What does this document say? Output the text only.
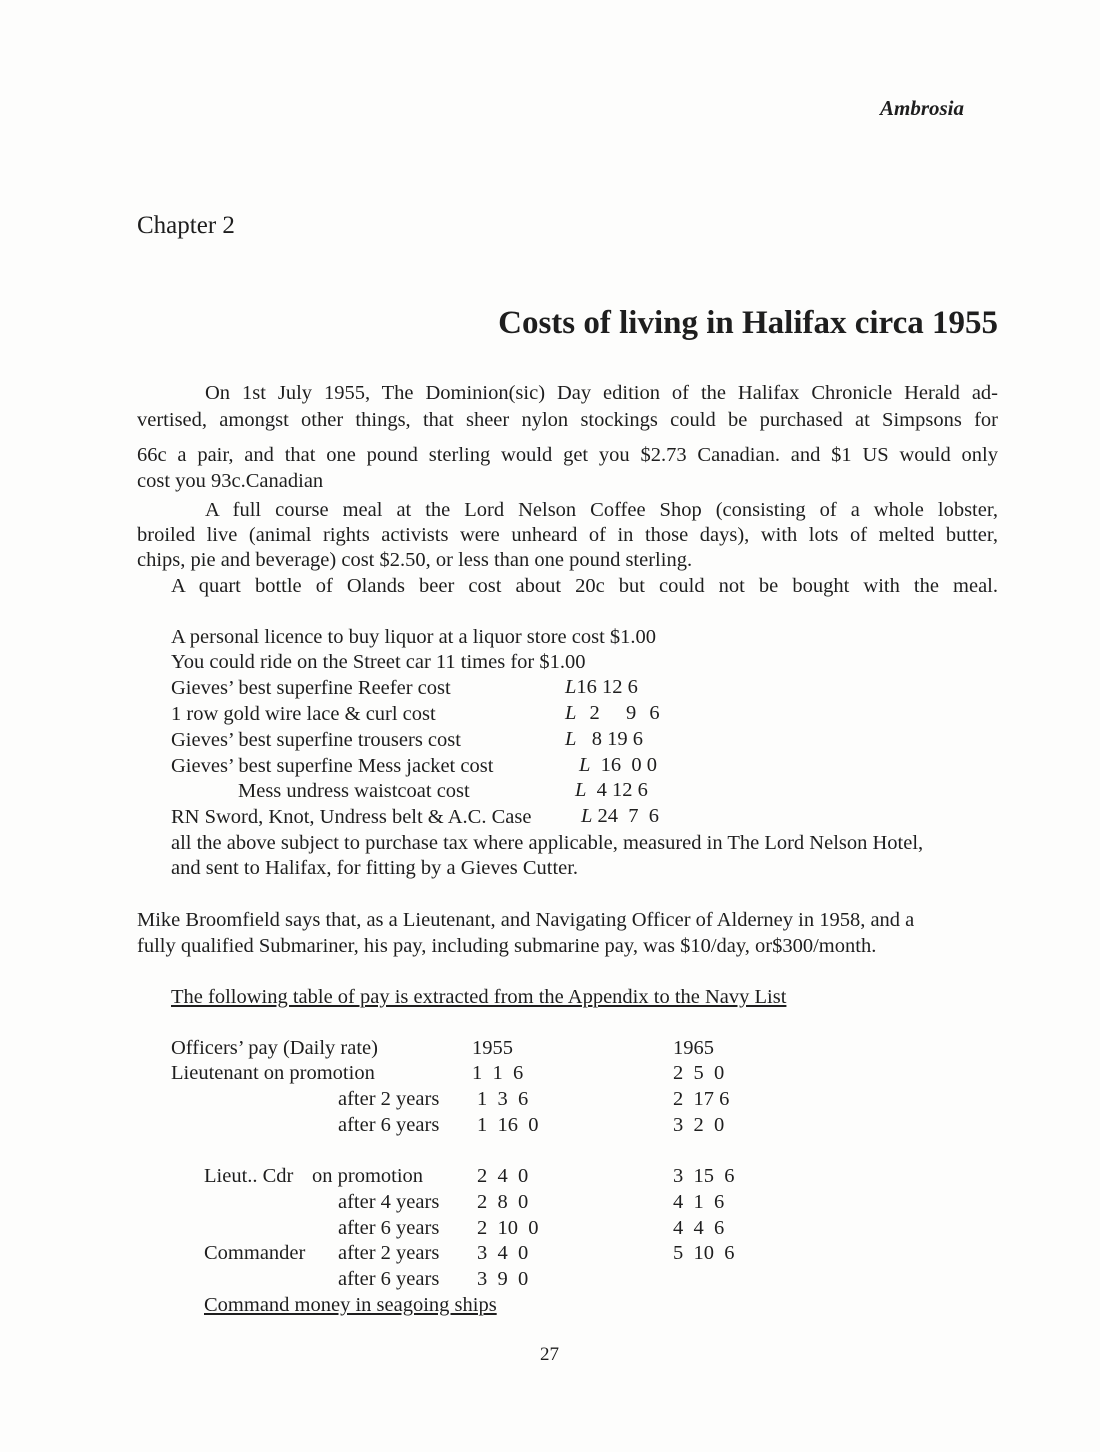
Ambrosia
Chapter 2
Costs of living in Halifax circa 1955
On 1st July 1955, The Dominion(sic) Day edition of the Halifax Chronicle Herald ad-
vertised, amongst other things, that sheer nylon stockings could be purchased at Simpsons for
66c a pair, and that one pound sterling would get you $2.73 Canadian. and $1 US would only
cost you 93c.Canadian
A full course meal at the Lord Nelson Coffee Shop (consisting of a whole lobster,
broiled live (animal rights activists were unheard of in those days), with lots of melted butter,
chips, pie and beverage) cost $2.50, or less than one pound sterling.
A quart bottle of Olands beer cost about 20c but could not be bought with the meal.
A personal licence to buy liquor at a liquor store cost $1.00
You could ride on the Street car 11 times for $1.00
Gieves’ best superfine Reefer cost	L16 12 6
1 row gold wire lace & curl cost	L 2  9 6
Gieves’ best superfine trousers cost	L 8 19 6
Gieves’ best superfine Mess jacket cost	L 16  0 0
Mess undress waistcoat cost	L 4 12 6
RN Sword, Knot, Undress belt & A.C. Case L 24  7  6
all the above subject to purchase tax where applicable, measured in The Lord Nelson Hotel,
and sent to Halifax, for fitting by a Gieves Cutter.
Mike Broomfield says that, as a Lieutenant, and Navigating Officer of Alderney in 1958, and a
fully qualified Submariner, his pay, including submarine pay, was $10/day, or$300/month.
The following table of pay is extracted from the Appendix to the Navy List
Officers’ pay (Daily rate)	1955	1965
Lieutenant on promotion	1  1  6	2  5  0
after 2 years 1  3  6	2  17 6
after 6 years 1  16  0	3  2  0
Lieut.. Cdr on promotion	2  4  0	3  15  6
after 4 years 2  8  0	4  1  6
after 6 years 2  10  0	4  4  6
Commander after 2 years 3  4  0	5  10  6
after 6 years 3  9  0
Command money in seagoing ships
27
